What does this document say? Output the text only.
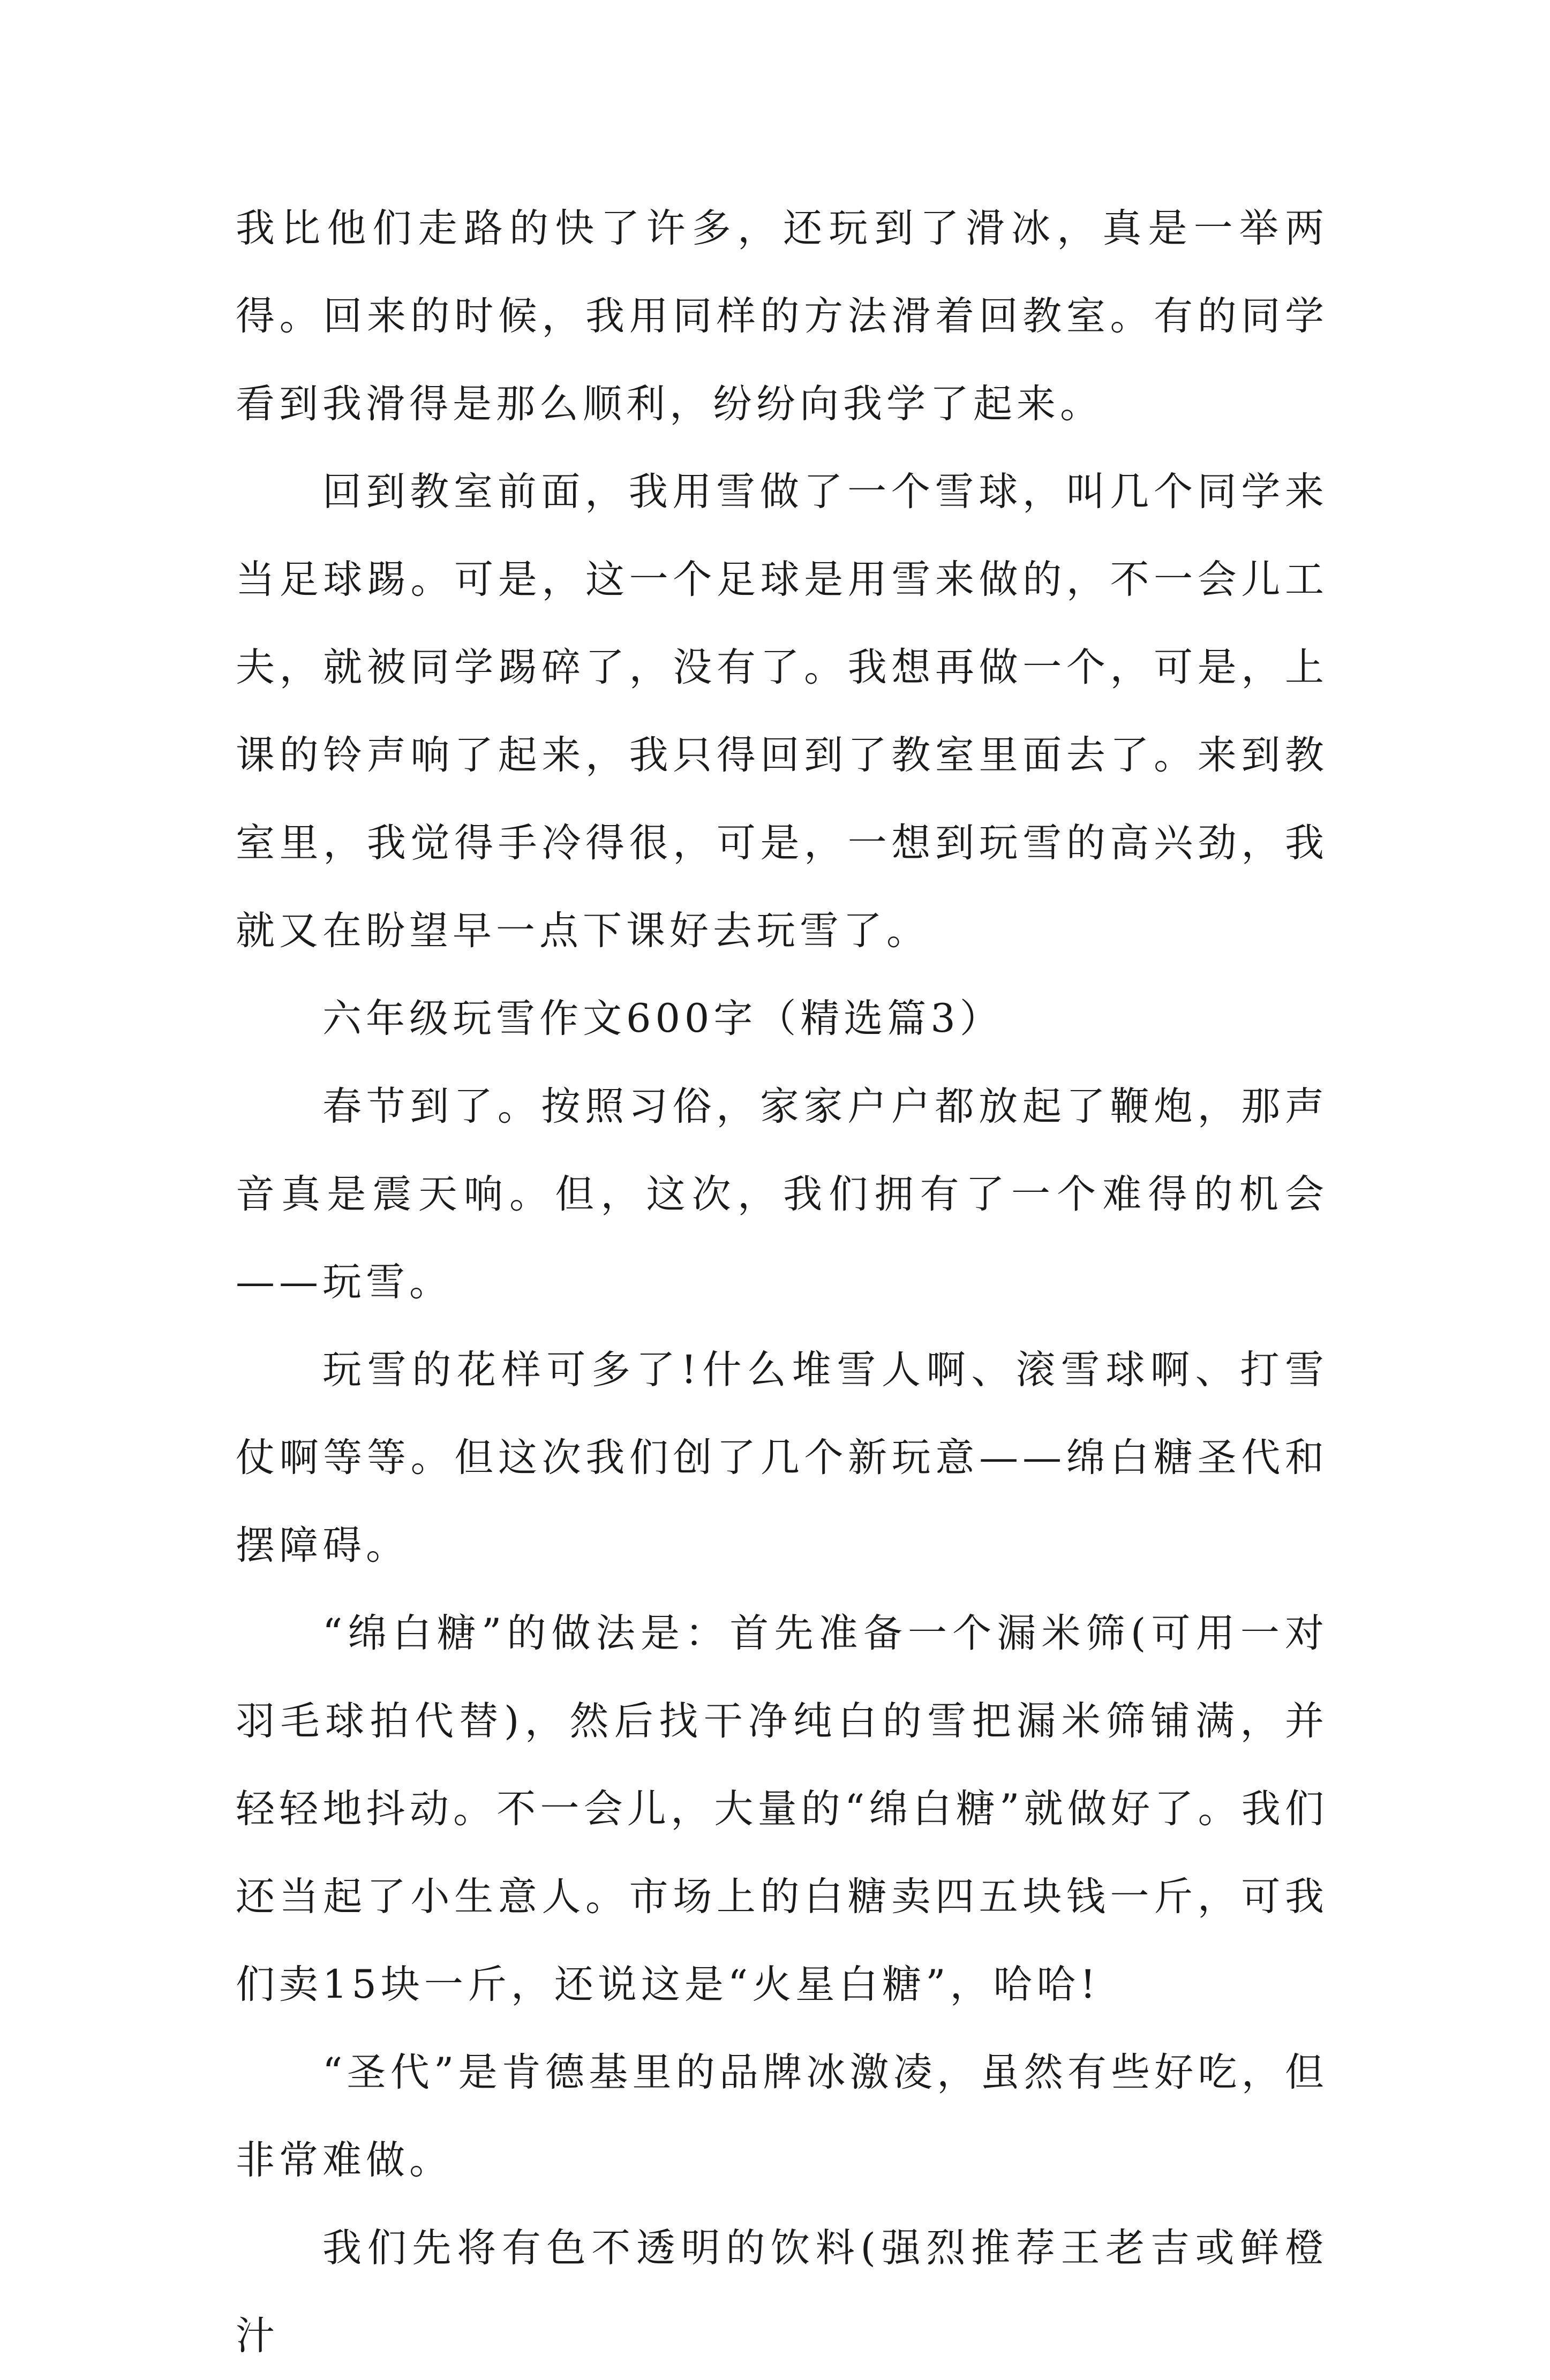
我比他们走路的快了许多，还玩到了滑冰，真是一举两得。回来的时候，我用同样的方法滑着回教室。有的同学看到我滑得是那么顺利，纷纷向我学了起来。

回到教室前面，我用雪做了一个雪球，叫几个同学来当足球踢。可是，这一个足球是用雪来做的，不一会儿工夫，就被同学踢碎了，没有了。我想再做一个，可是，上课的铃声响了起来，我只得回到了教室里面去了。来到教室里，我觉得手冷得很，可是，一想到玩雪的高兴劲，我就又在盼望早一点下课好去玩雪了。

六年级玩雪作文600字（精选篇3）

春节到了。按照习俗，家家户户都放起了鞭炮，那声音真是震天响。但，这次，我们拥有了一个难得的机会——玩雪。

玩雪的花样可多了!什么堆雪人啊、滚雪球啊、打雪仗啊等等。但这次我们创了几个新玩意——绵白糖圣代和摆障碍。

“绵白糖”的做法是：首先准备一个漏米筛(可用一对羽毛球拍代替)，然后找干净纯白的雪把漏米筛铺满，并轻轻地抖动。不一会儿，大量的“绵白糖”就做好了。我们还当起了小生意人。市场上的白糖卖四五块钱一斤，可我们卖15块一斤，还说这是“火星白糖”，哈哈!

“圣代”是肯德基里的品牌冰激凌，虽然有些好吃，但非常难做。

我们先将有色不透明的饮料(强烈推荐王老吉或鲜橙汁
